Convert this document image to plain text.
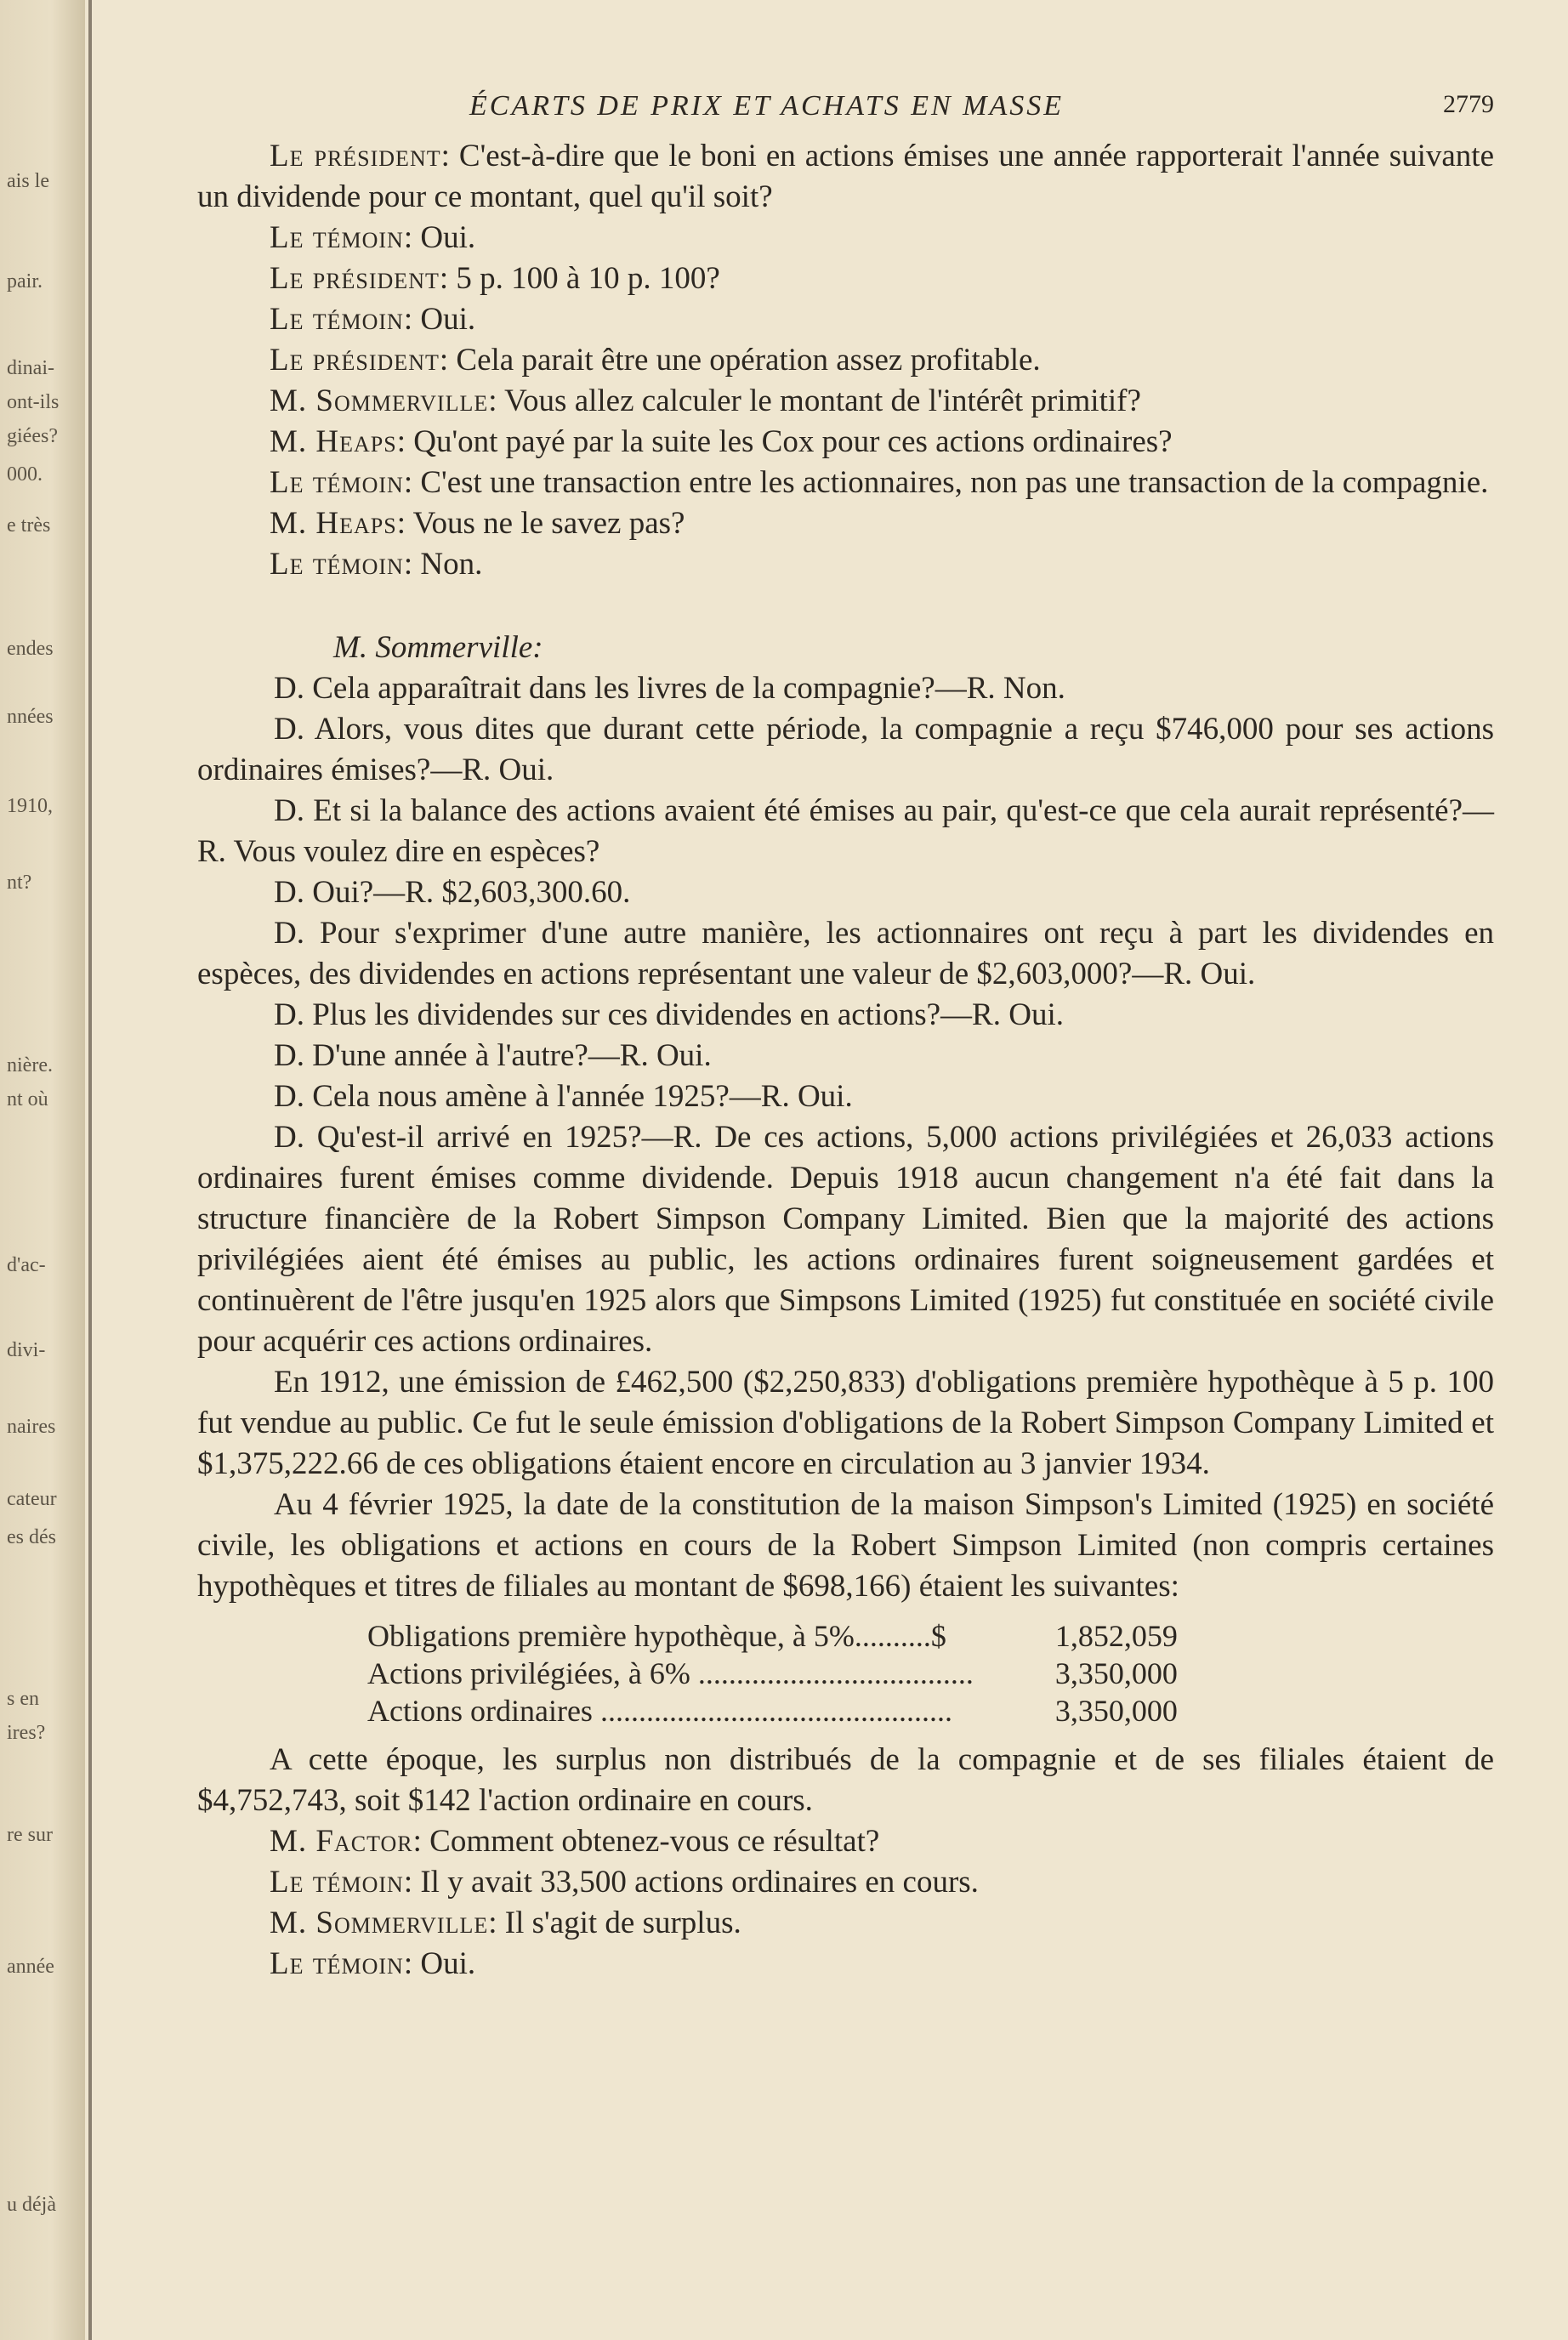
ais le
pair.
dinai-
ont-ils
giées?
000.
e très
endes
nnées
1910,
nt?
nière.
nt où
d'ac-
divi-
naires
cateur
es dés
s en
ires?
re sur
année
u déjà
ÉCARTS DE PRIX ET ACHATS EN MASSE	2779

Le président: C'est-à-dire que le boni en actions émises une année rapporterait l'année suivante un dividende pour ce montant, quel qu'il soit?

Le témoin: Oui.

Le président: 5 p. 100 à 10 p. 100?

Le témoin: Oui.

Le président: Cela parait être une opération assez profitable.

M. Sommerville: Vous allez calculer le montant de l'intérêt primitif?

M. Heaps: Qu'ont payé par la suite les Cox pour ces actions ordinaires?

Le témoin: C'est une transaction entre les actionnaires, non pas une transaction de la compagnie.

M. Heaps: Vous ne le savez pas?

Le témoin: Non.

M. Sommerville:

D. Cela apparaîtrait dans les livres de la compagnie?—R. Non.

D. Alors, vous dites que durant cette période, la compagnie a reçu $746,000 pour ses actions ordinaires émises?—R. Oui.

D. Et si la balance des actions avaient été émises au pair, qu'est-ce que cela aurait représenté?—R. Vous voulez dire en espèces?

D. Oui?—R. $2,603,300.60.

D. Pour s'exprimer d'une autre manière, les actionnaires ont reçu à part les dividendes en espèces, des dividendes en actions représentant une valeur de $2,603,000?—R. Oui.

D. Plus les dividendes sur ces dividendes en actions?—R. Oui.

D. D'une année à l'autre?—R. Oui.

D. Cela nous amène à l'année 1925?—R. Oui.

D. Qu'est-il arrivé en 1925?—R. De ces actions, 5,000 actions privilégiées et 26,033 actions ordinaires furent émises comme dividende. Depuis 1918 aucun changement n'a été fait dans la structure financière de la Robert Simpson Company Limited. Bien que la majorité des actions privilégiées aient été émises au public, les actions ordinaires furent soigneusement gardées et continuèrent de l'être jusqu'en 1925 alors que Simpsons Limited (1925) fut constituée en société civile pour acquérir ces actions ordinaires.

En 1912, une émission de £462,500 ($2,250,833) d'obligations première hypothèque à 5 p. 100 fut vendue au public. Ce fut le seule émission d'obligations de la Robert Simpson Company Limited et $1,375,222.66 de ces obligations étaient encore en circulation au 3 janvier 1934.

Au 4 février 1925, la date de la constitution de la maison Simpson's Limited (1925) en société civile, les obligations et actions en cours de la Robert Simpson Limited (non compris certaines hypothèques et titres de filiales au montant de $698,166) étaient les suivantes:

Obligations première hypothèque, à 5%..........$	1,852,059
Actions privilégiées, à 6% ....................................	3,350,000
Actions ordinaires ..............................................	3,350,000

A cette époque, les surplus non distribués de la compagnie et de ses filiales étaient de $4,752,743, soit $142 l'action ordinaire en cours.

M. Factor: Comment obtenez-vous ce résultat?

Le témoin: Il y avait 33,500 actions ordinaires en cours.

M. Sommerville: Il s'agit de surplus.

Le témoin: Oui.
